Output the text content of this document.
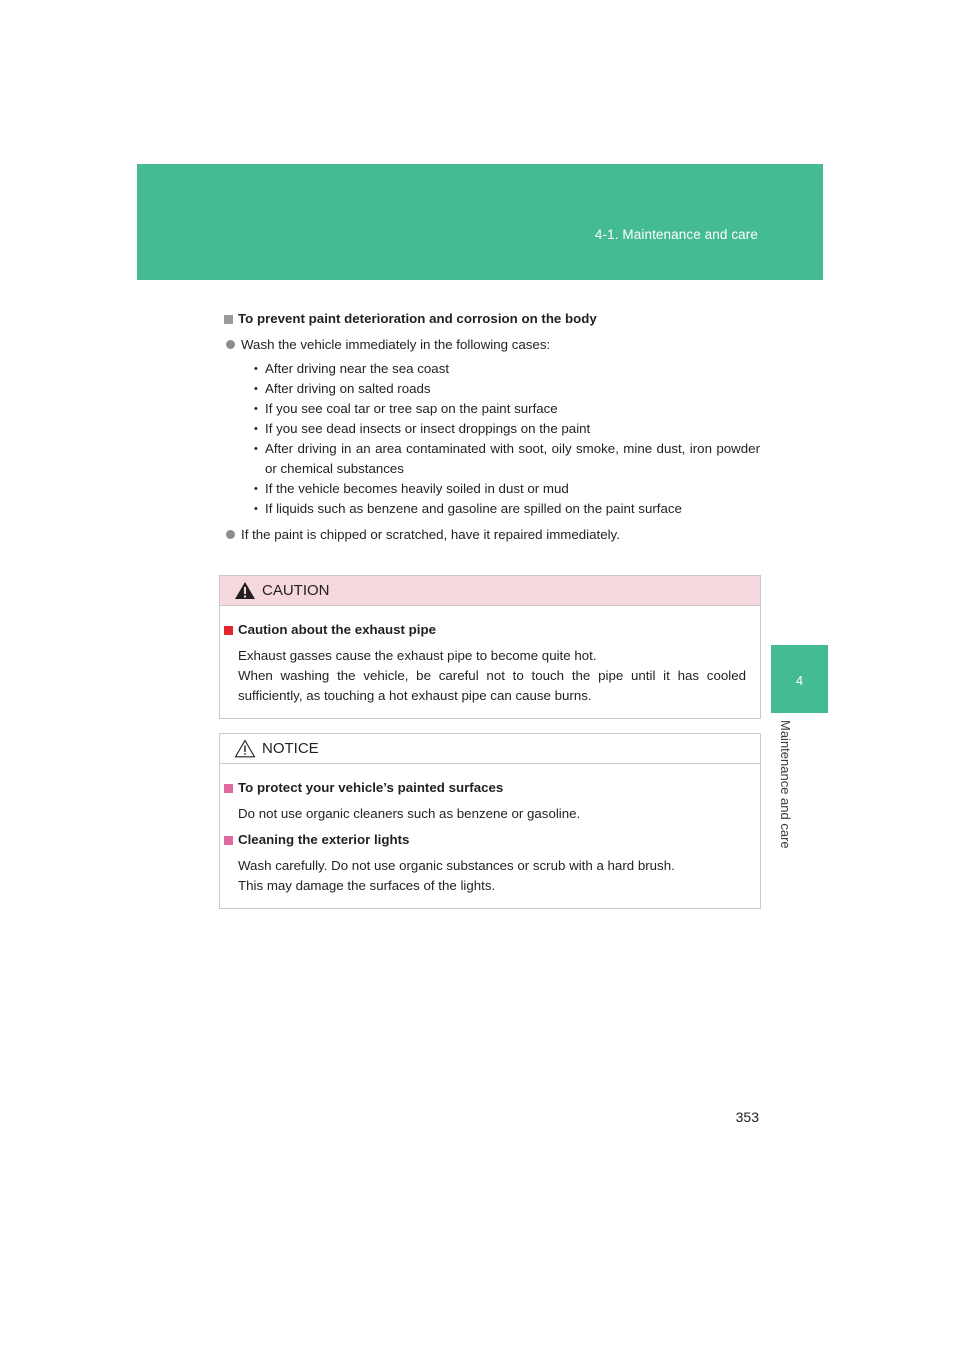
4-1. Maintenance and care
4
Maintenance and care
To prevent paint deterioration and corrosion on the body
Wash the vehicle immediately in the following cases:
• After driving near the sea coast
• After driving on salted roads
• If you see coal tar or tree sap on the paint surface
• If you see dead insects or insect droppings on the paint
• After driving in an area contaminated with soot, oily smoke, mine dust, iron powder or chemical substances
• If the vehicle becomes heavily soiled in dust or mud
• If liquids such as benzene and gasoline are spilled on the paint surface
If the paint is chipped or scratched, have it repaired immediately.
CAUTION
Caution about the exhaust pipe

Exhaust gasses cause the exhaust pipe to become quite hot.

When washing the vehicle, be careful not to touch the pipe until it has cooled sufficiently, as touching a hot exhaust pipe can cause burns.

NOTICE
To protect your vehicle’s painted surfaces

Do not use organic cleaners such as benzene or gasoline.

Cleaning the exterior lights

Wash carefully. Do not use organic substances or scrub with a hard brush.

This may damage the surfaces of the lights.

353
